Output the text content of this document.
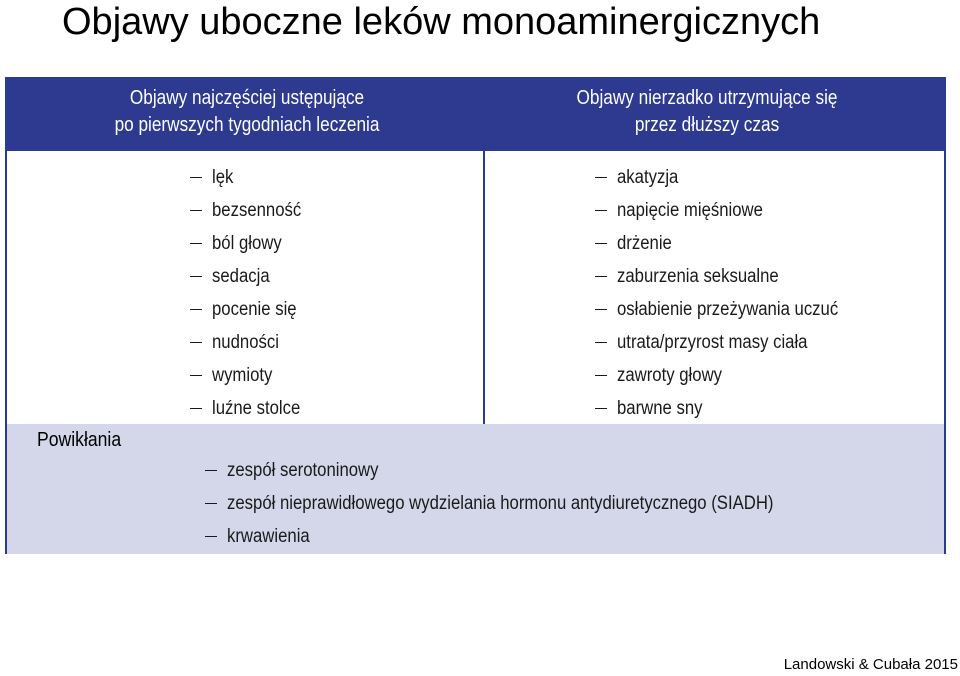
Objawy uboczne leków monoaminergicznych
Objawy najczęściej ustępujące
po pierwszych tygodniach leczenia
Objawy nierzadko utrzymujące się
przez dłuższy czas
lęk
bezsenność
ból głowy
sedacja
pocenie się
nudności
wymioty
luźne stolce
akatyzja
napięcie mięśniowe
drżenie
zaburzenia seksualne
osłabienie przeżywania uczuć
utrata/przyrost masy ciała
zawroty głowy
barwne sny
Powikłania
zespół serotoninowy
zespół nieprawidłowego wydzielania hormonu antydiuretycznego (SIADH)
krwawienia
Landowski & Cubała 2015
